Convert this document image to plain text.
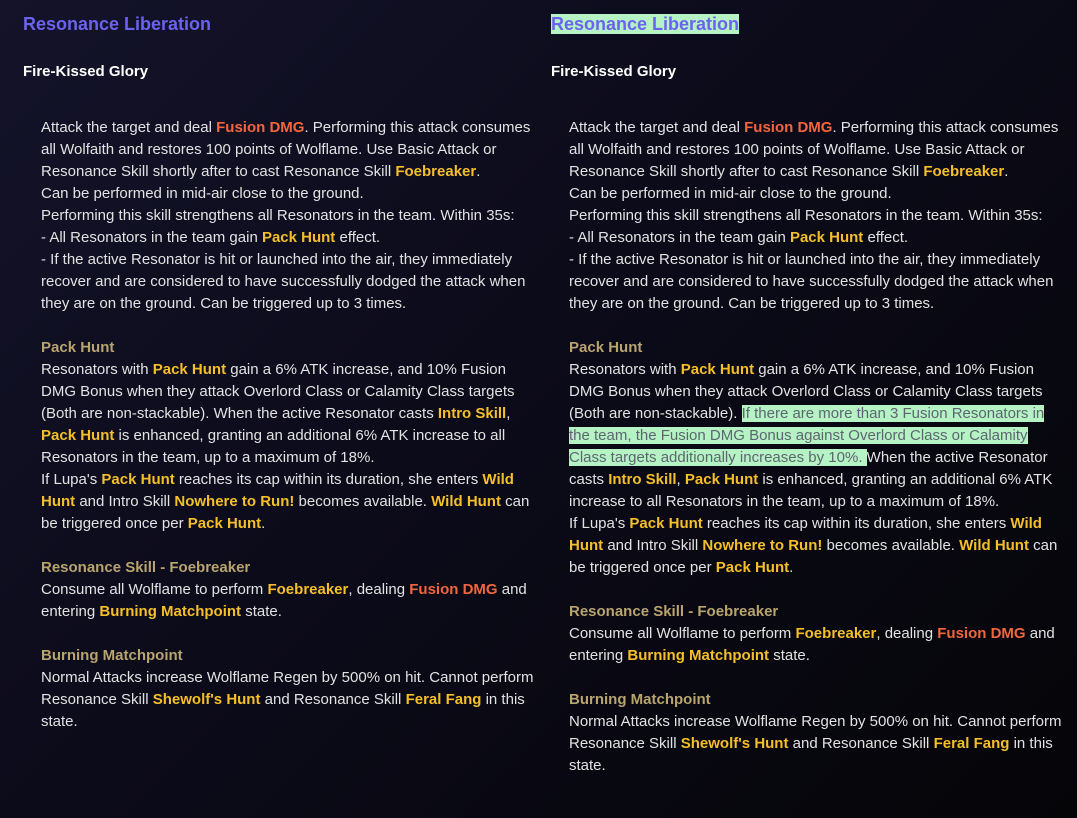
Resonance Liberation
Fire-Kissed Glory

Attack the target and deal Fusion DMG. Performing this attack consumes all Wolfaith and restores 100 points of Wolflame. Use Basic Attack or Resonance Skill shortly after to cast Resonance Skill Foebreaker.

Can be performed in mid-air close to the ground.

Performing this skill strengthens all Resonators in the team. Within 35s:

- All Resonators in the team gain Pack Hunt effect.

- If the active Resonator is hit or launched into the air, they immediately recover and are considered to have successfully dodged the attack when they are on the ground. Can be triggered up to 3 times.

Pack Hunt

Resonators with Pack Hunt gain a 6% ATK increase, and 10% Fusion DMG Bonus when they attack Overlord Class or Calamity Class targets (Both are non-stackable). When the active Resonator casts Intro Skill, Pack Hunt is enhanced, granting an additional 6% ATK increase to all Resonators in the team, up to a maximum of 18%.

If Lupa's Pack Hunt reaches its cap within its duration, she enters Wild Hunt and Intro Skill Nowhere to Run! becomes available. Wild Hunt can be triggered once per Pack Hunt.

Resonance Skill - Foebreaker

Consume all Wolflame to perform Foebreaker, dealing Fusion DMG and entering Burning Matchpoint state.

Burning Matchpoint

Normal Attacks increase Wolflame Regen by 500% on hit. Cannot perform Resonance Skill Shewolf's Hunt and Resonance Skill Feral Fang in this state.

Resonance Liberation
Fire-Kissed Glory

Attack the target and deal Fusion DMG. Performing this attack consumes all Wolfaith and restores 100 points of Wolflame. Use Basic Attack or Resonance Skill shortly after to cast Resonance Skill Foebreaker.

Can be performed in mid-air close to the ground.

Performing this skill strengthens all Resonators in the team. Within 35s:

- All Resonators in the team gain Pack Hunt effect.

- If the active Resonator is hit or launched into the air, they immediately recover and are considered to have successfully dodged the attack when they are on the ground. Can be triggered up to 3 times.

Pack Hunt

Resonators with Pack Hunt gain a 6% ATK increase, and 10% Fusion DMG Bonus when they attack Overlord Class or Calamity Class targets (Both are non-stackable). If there are more than 3 Fusion Resonators in the team, the Fusion DMG Bonus against Overlord Class or Calamity Class targets additionally increases by 10%. When the active Resonator casts Intro Skill, Pack Hunt is enhanced, granting an additional 6% ATK increase to all Resonators in the team, up to a maximum of 18%.

If Lupa's Pack Hunt reaches its cap within its duration, she enters Wild Hunt and Intro Skill Nowhere to Run! becomes available. Wild Hunt can be triggered once per Pack Hunt.

Resonance Skill - Foebreaker

Consume all Wolflame to perform Foebreaker, dealing Fusion DMG and entering Burning Matchpoint state.

Burning Matchpoint

Normal Attacks increase Wolflame Regen by 500% on hit. Cannot perform Resonance Skill Shewolf's Hunt and Resonance Skill Feral Fang in this state.
